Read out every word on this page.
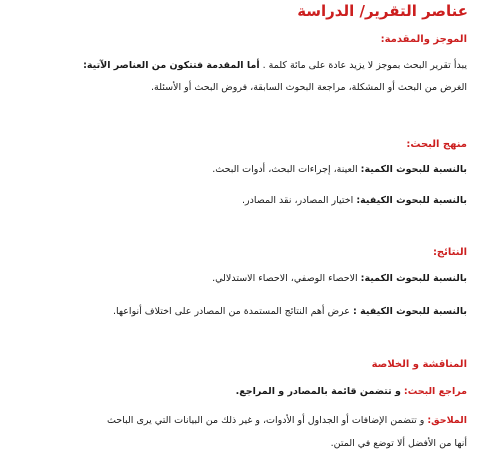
عناصر التقرير/ الدراسة
الموجز والمقدمة:
يبدأ تقرير البحث بموجز لا يزيد عادة على مائة كلمة . أما المقدمة فتتكون من العناصر الآتية:
الغرض من البحث أو المشكلة، مراجعة البحوث السابقة، فروض البحث أو الأسئلة.
منهج البحث:
بالنسبة للبحوث الكمية: العينة، إجراءات البحث، أدوات البحث.
بالنسبة للبحوث الكيفية: اختيار المصادر، نقد المصادر.
النتائج:
بالنسبة للبحوث الكمية: الاحصاء الوصفي، الاحصاء الاستدلالي.
بالنسبة للبحوث الكيفية : عرض أهم النتائج المستمدة من المصادر على اختلاف أنواعها.
المناقشة و الخلاصة
مراجع البحث: و تتضمن قائمة بالمصادر و المراجع.
الملاحق: و تتضمن الإضافات أو الجداول أو الأدوات، و غير ذلك من البيانات التي يرى الباحث
أنها من الأفضل ألا توضع في المتن.
